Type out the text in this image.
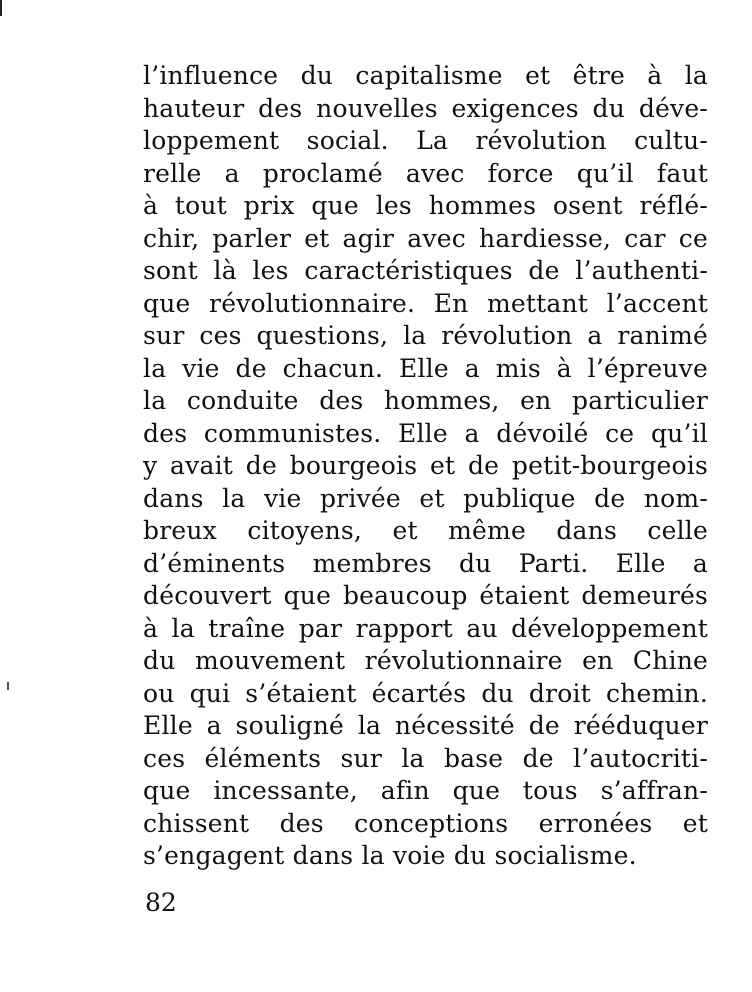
l’influence du capitalisme et être à la
hauteur des nouvelles exigences du déve-
loppement social. La révolution cultu-
relle a proclamé avec force qu’il faut
à tout prix que les hommes osent réflé-
chir, parler et agir avec hardiesse, car ce
sont là les caractéristiques de l’authenti-
que révolutionnaire. En mettant l’accent
sur ces questions, la révolution a ranimé
la vie de chacun. Elle a mis à l’épreuve
la conduite des hommes, en particulier
des communistes. Elle a dévoilé ce qu’il
y avait de bourgeois et de petit-bourgeois
dans la vie privée et publique de nom-
breux citoyens, et même dans celle
d’éminents membres du Parti. Elle a
découvert que beaucoup étaient demeurés
à la traîne par rapport au développement
du mouvement révolutionnaire en Chine
ou qui s’étaient écartés du droit chemin.
Elle a souligné la nécessité de rééduquer
ces éléments sur la base de l’autocriti-
que incessante, afin que tous s’affran-
chissent des conceptions erronées et
s’engagent dans la voie du socialisme.
82
